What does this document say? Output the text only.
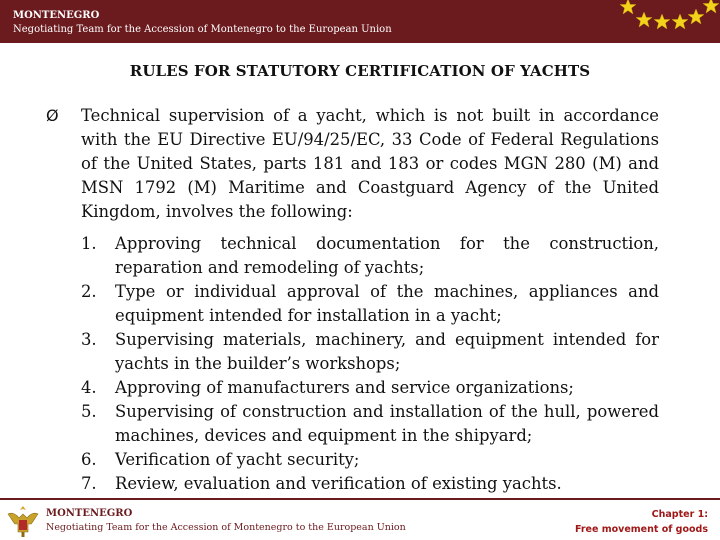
MONTENEGRO
Negotiating Team for the Accession of Montenegro to the European Union
RULES FOR STATUTORY CERTIFICATION OF YACHTS
Ø Technical supervision of a yacht, which is not built in accordance with the EU Directive EU/94/25/EC, 33 Code of Federal Regulations of the United States, parts 181 and 183 or codes MGN 280 (M) and MSN 1792 (M) Maritime and Coastguard Agency of the United Kingdom, involves the following:
1.	Approving technical documentation for the construction, reparation and remodeling of yachts;
2.	Type or individual approval of the machines, appliances and equipment intended for installation in a yacht;
3.	Supervising materials, machinery, and equipment intended for yachts in the builder’s workshops;
4.	Approving of manufacturers and service organizations;
5.	Supervising of construction and installation of the hull, powered machines, devices and equipment in the shipyard;
6.	Verification of yacht security;
7.	Review, evaluation and verification of existing yachts.
MONTENEGRO
Negotiating Team for the Accession of Montenegro to the European Union
Chapter 1:
Free movement of goods
